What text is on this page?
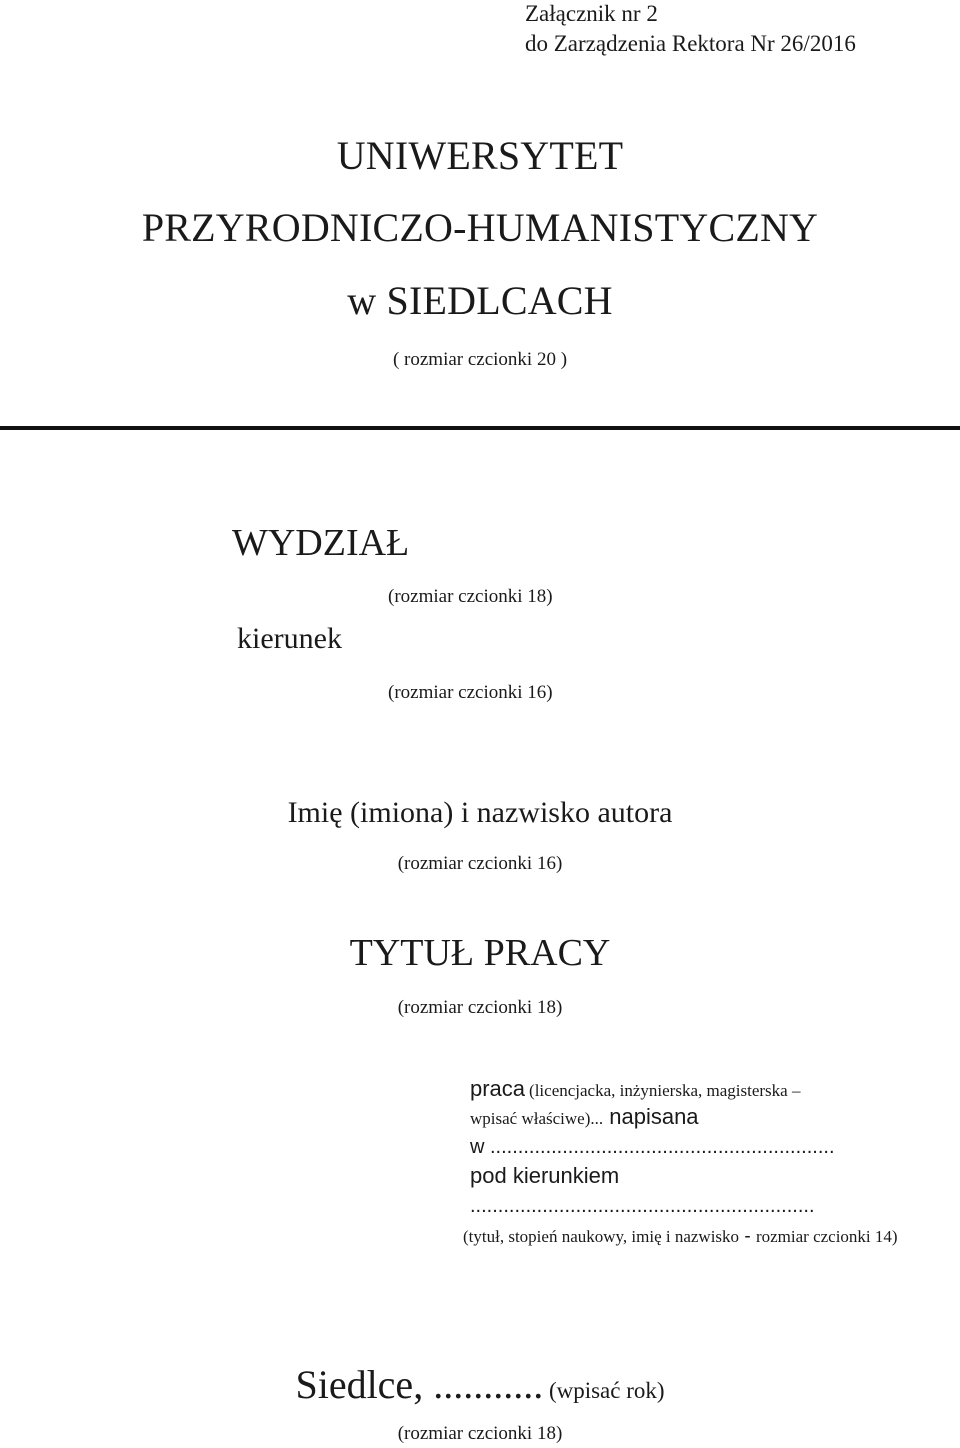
Załącznik nr 2
do Zarządzenia Rektora Nr 26/2016
UNIWERSYTET
PRZYRODNICZO-HUMANISTYCZNY
w SIEDLCACH
( rozmiar czcionki 20 )
WYDZIAŁ
(rozmiar czcionki 18)
kierunek
(rozmiar czcionki 16)
Imię (imiona) i nazwisko autora
(rozmiar czcionki 16)
TYTUŁ PRACY
(rozmiar czcionki 18)
praca (licencjacka, inżynierska, magisterska –
wpisać właściwe)... napisana
w ..............................................................
pod kierunkiem
..............................................................
(tytuł, stopień naukowy, imię i nazwisko - rozmiar czcionki 14)
Siedlce, ........... (wpisać rok)
(rozmiar czcionki 18)
